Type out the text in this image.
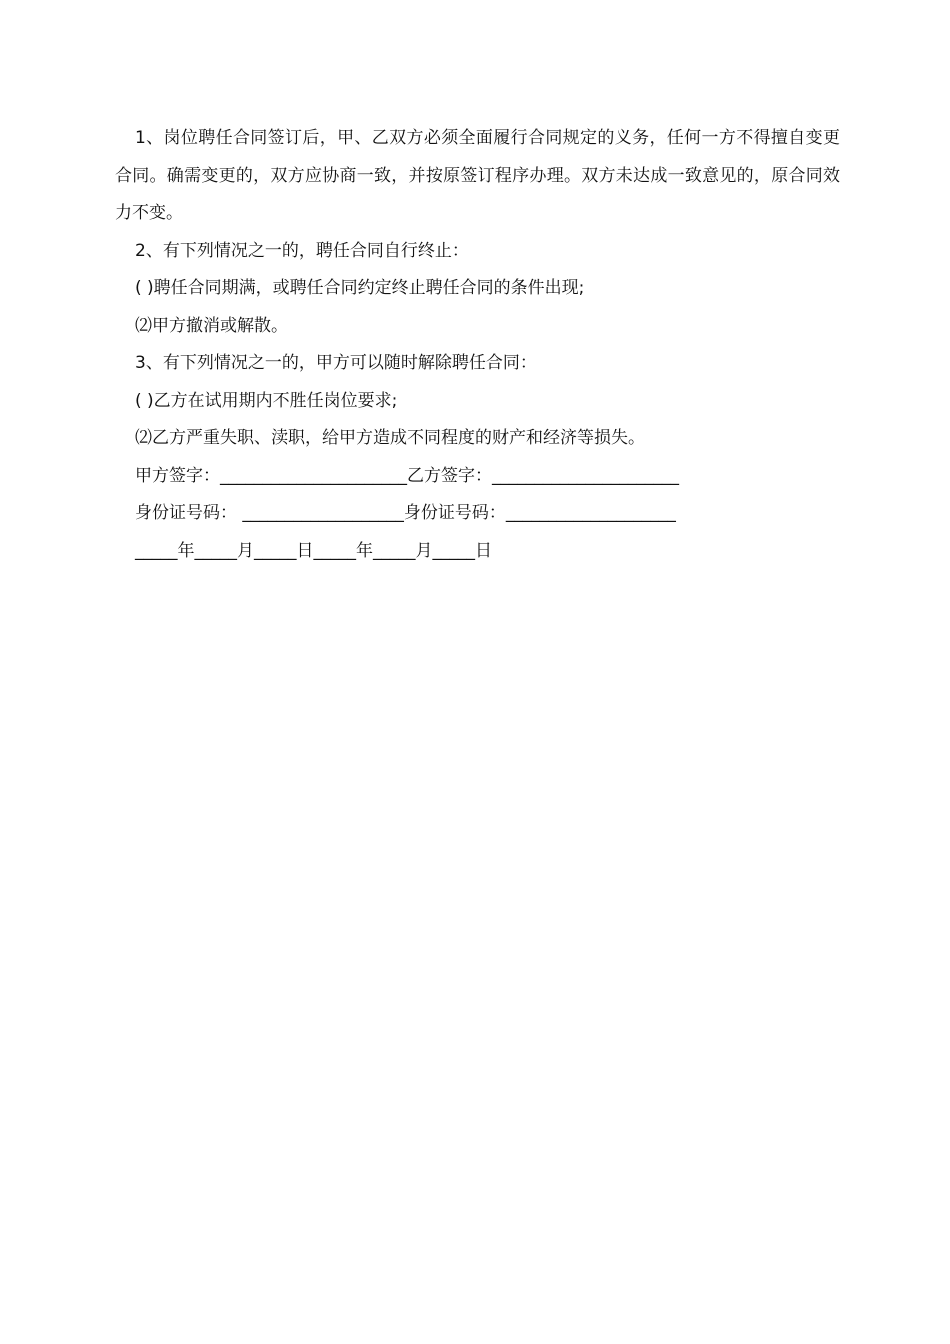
1、岗位聘任合同签订后，甲、乙双方必须全面履行合同规定的义务，任何一方不得擅自变更合同。确需变更的，双方应协商一致，并按原签订程序办理。双方未达成一致意见的，原合同效力不变。

2、有下列情况之一的，聘任合同自行终止：

( )聘任合同期满，或聘任合同约定终止聘任合同的条件出现;

⑵甲方撤消或解散。

3、有下列情况之一的，甲方可以随时解除聘任合同：

( )乙方在试用期内不胜任岗位要求;

⑵乙方严重失职、渎职，给甲方造成不同程度的财产和经济等损失。

甲方签字：______________________乙方签字：______________________

身份证号码： ___________________身份证号码：____________________

_____年_____月_____日_____年_____月_____日
